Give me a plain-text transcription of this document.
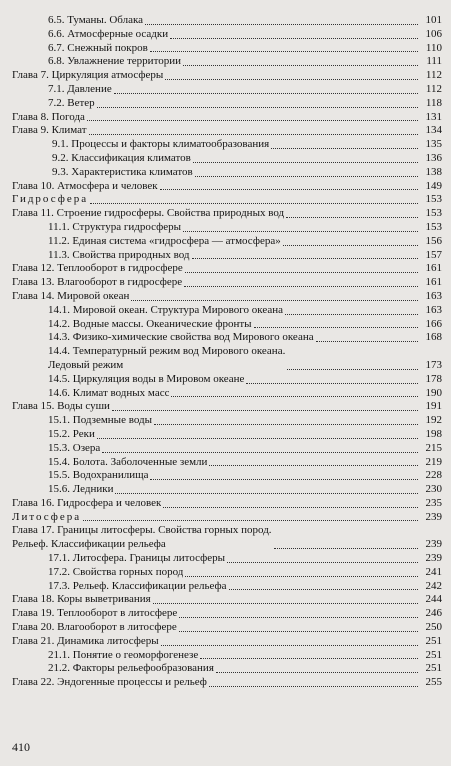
6.5. Туманы. Облака	101
6.6. Атмосферные осадки	106
6.7. Снежный покров	110
6.8. Увлажнение территории	111
Глава 7. Циркуляция атмосферы	112
7.1. Давление	112
7.2. Ветер	118
Глава 8. Погода	131
Глава 9. Климат	134
9.1. Процессы и факторы климатообразования	135
9.2. Классификация климатов	136
9.3. Характеристика климатов	138
Глава 10. Атмосфера и человек	149
Гидросфера	153
Глава 11. Строение гидросферы. Свойства природных вод	153
11.1. Структура гидросферы	153
11.2. Единая система «гидросфера — атмосфера»	156
11.3. Свойства природных вод	157
Глава 12. Теплооборот в гидросфере	161
Глава 13. Влагооборот в гидросфере	161
Глава 14. Мировой океан	163
14.1. Мировой океан. Структура Мирового океана	163
14.2. Водные массы. Океанические фронты	166
14.3. Физико-химические свойства вод Мирового океана	168
14.4. Температурный режим вод Мирового океана.
Ледовый режим	173
14.5. Циркуляция воды в Мировом океане	178
14.6. Климат водных масс	190
Глава 15. Воды суши	191
15.1. Подземные воды	192
15.2. Реки	198
15.3. Озера	215
15.4. Болота. Заболоченные земли	219
15.5. Водохранилища	228
15.6. Ледники	230
Глава 16. Гидросфера и человек	235
Литосфера	239
Глава 17. Границы литосферы. Свойства горных пород.
Рельеф. Классификации рельефа	239
17.1. Литосфера. Границы литосферы	239
17.2. Свойства горных пород	241
17.3. Рельеф. Классификации рельефа	242
Глава 18. Коры выветривания	244
Глава 19. Теплооборот в литосфере	246
Глава 20. Влагооборот в литосфере	250
Глава 21. Динамика литосферы	251
21.1. Понятие о геоморфогенезе	251
21.2. Факторы рельефообразования	251
Глава 22. Эндогенные процессы и рельеф	255
410
